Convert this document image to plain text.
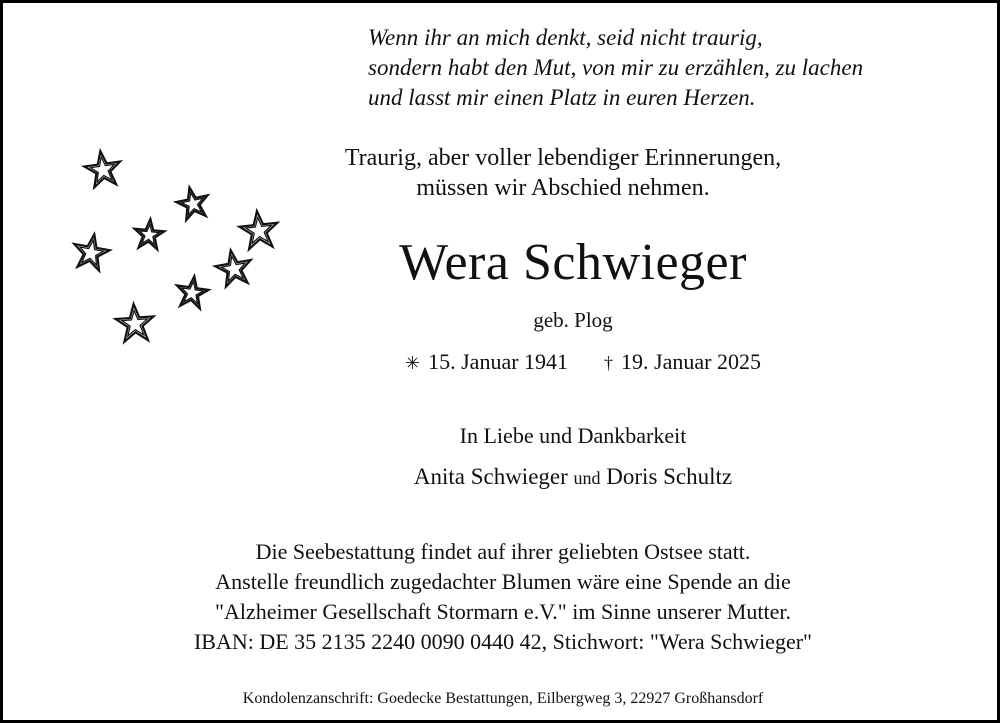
Wenn ihr an mich denkt, seid nicht traurig,
sondern habt den Mut, von mir zu erzählen, zu lachen
und lasst mir einen Platz in euren Herzen.
Traurig, aber voller lebendiger Erinnerungen,
müssen wir Abschied nehmen.
Wera Schwieger
geb. Plog
✳ 15. Januar 1941 † 19. Januar 2025
In Liebe und Dankbarkeit
Anita Schwieger und Doris Schultz
Die Seebestattung findet auf ihrer geliebten Ostsee statt.
Anstelle freundlich zugedachter Blumen wäre eine Spende an die
"Alzheimer Gesellschaft Stormarn e.V." im Sinne unserer Mutter.
IBAN: DE 35 2135 2240 0090 0440 42, Stichwort: "Wera Schwieger"
Kondolenzanschrift: Goedecke Bestattungen, Eilbergweg 3, 22927 Großhansdorf
